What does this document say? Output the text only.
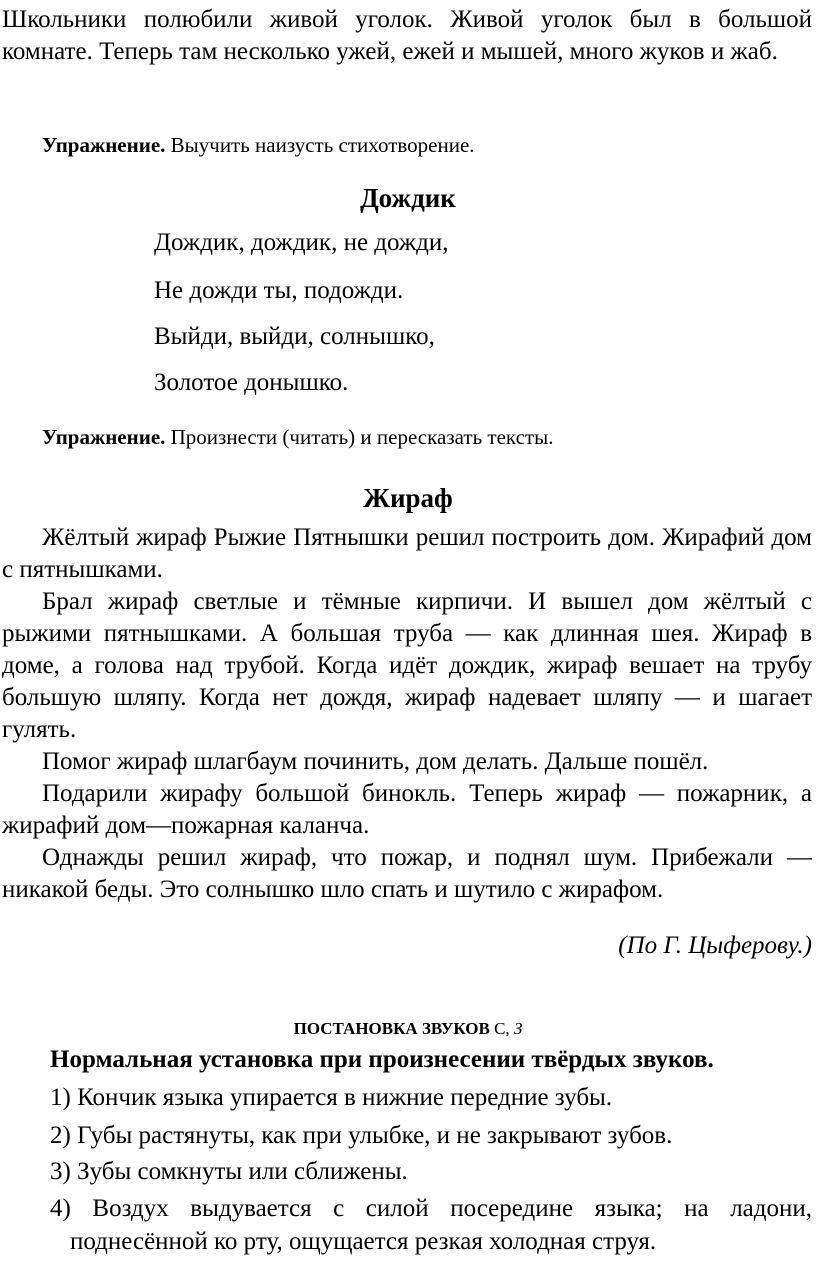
Школьники полюбили живой уголок. Живой уголок был в большой комнате. Теперь там несколько ужей, ежей и мышей, много жуков и жаб.

Упражнение. Выучить наизусть стихотворение.

Дождик

Дождик, дождик, не дожди,

Не дожди ты, подожди.

Выйди, выйди, солнышко,

Золотое донышко.

Упражнение. Произнести (читать) и пересказать тексты.

Жираф

Жёлтый жираф Рыжие Пятнышки решил построить дом. Жирафий дом с пятнышками.

Брал жираф светлые и тёмные кирпичи. И вышел дом жёлтый с рыжими пятнышками. А большая труба — как длинная шея. Жираф в доме, а голова над трубой. Когда идёт дождик, жираф вешает на трубу большую шляпу. Когда нет дождя, жираф надевает шляпу — и шагает гулять.

Помог жираф шлагбаум починить, дом делать. Дальше пошёл.

Подарили жирафу большой бинокль. Теперь жираф — пожарник, а жирафий дом—пожарная каланча.

Однажды решил жираф, что пожар, и поднял шум. Прибежали — никакой беды. Это солнышко шло спать и шутило с жирафом.

(По Г. Цыферову.)

ПОСТАНОВКА ЗВУКОВ С, З

Нормальная установка при произнесении твёрдых звуков.

1) Кончик языка упирается в нижние передние зубы.

2) Губы растянуты, как при улыбке, и не закрывают зубов.

3) Зубы сомкнуты или сближены.

4) Воздух выдувается с силой посередине языка; на ладони,
поднесённой ко рту, ощущается резкая холодная струя.
